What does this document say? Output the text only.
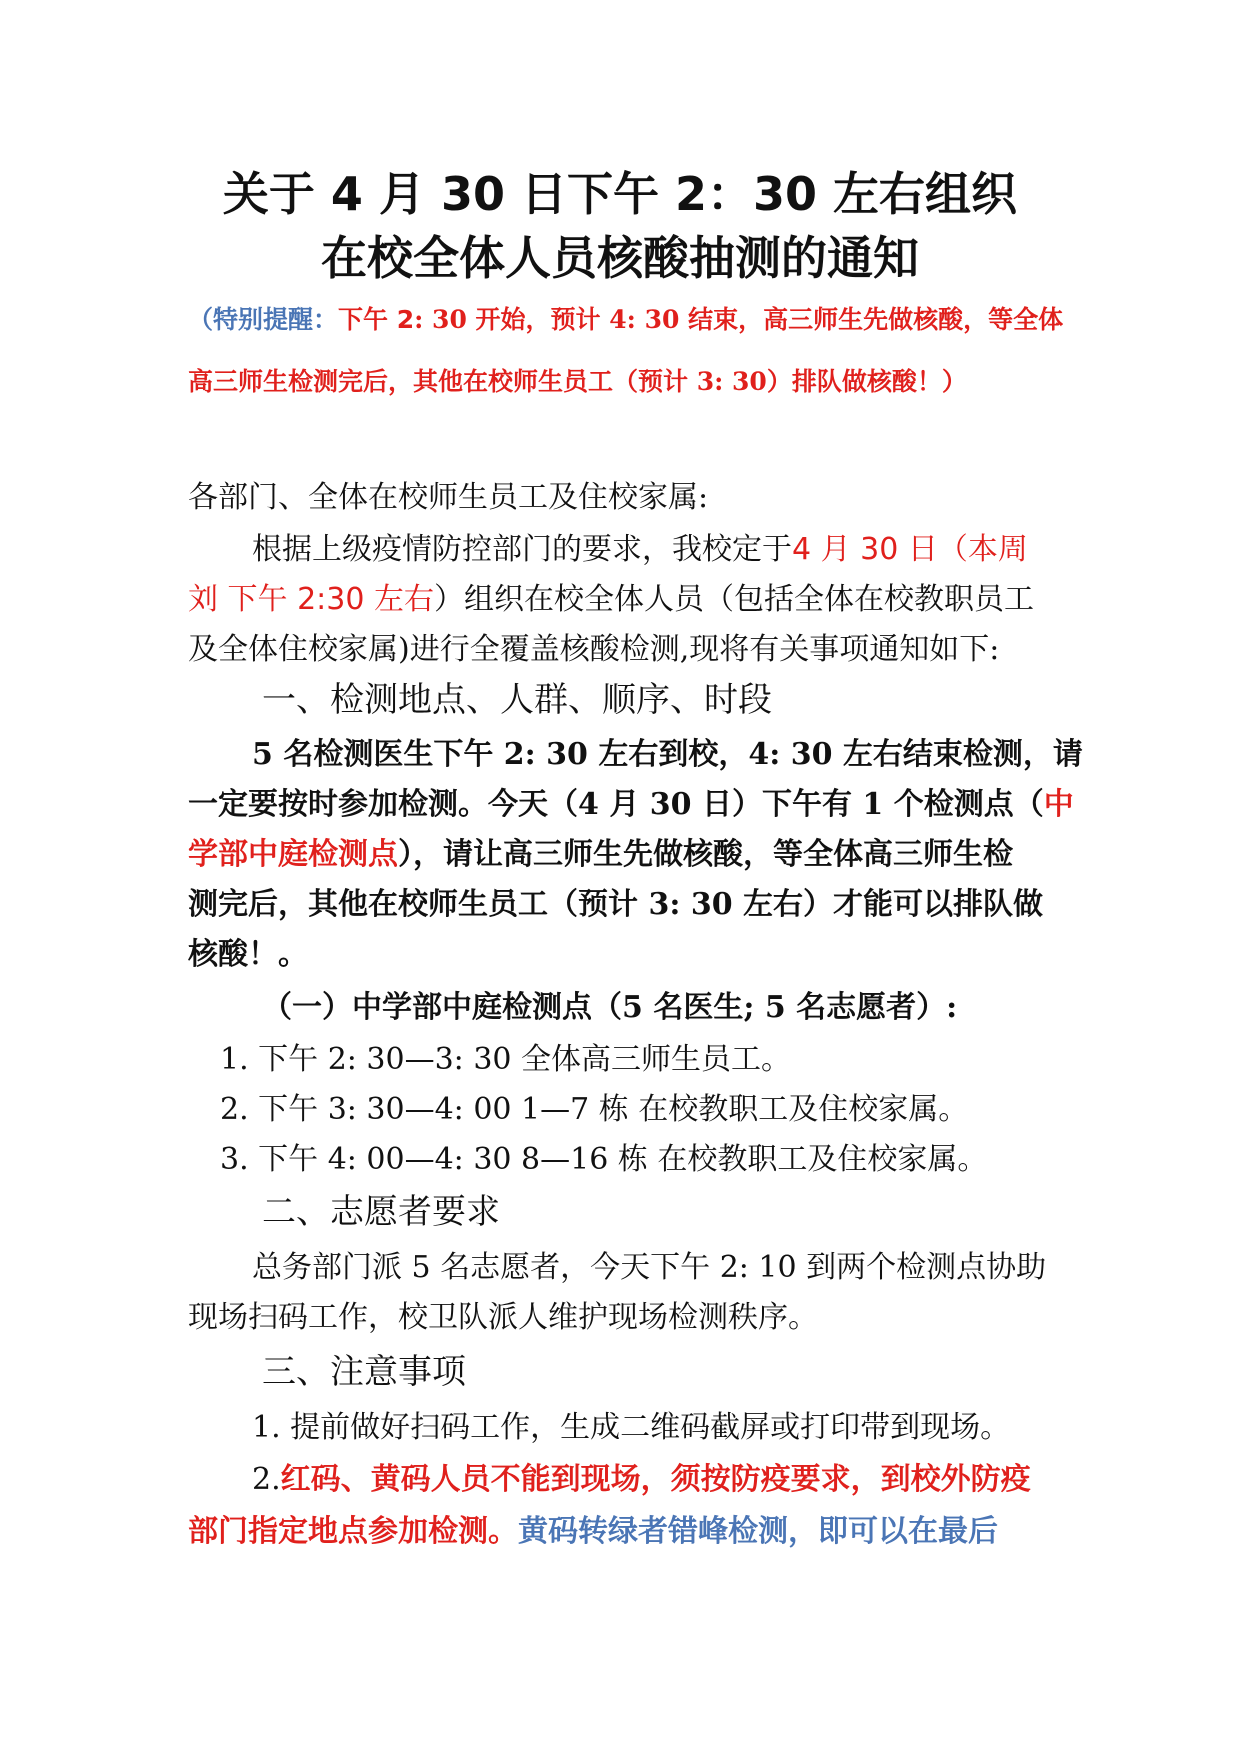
关于 4 月 30 日下午 2：30 左右组织
在校全体人员核酸抽测的通知
（特别提醒：下午 2: 30 开始，预计 4: 30 结束，高三师生先做核酸，等全体
高三师生检测完后，其他在校师生员工（预计 3: 30）排队做核酸！）
各部门、全体在校师生员工及住校家属:
根据上级疫情防控部门的要求，我校定于4 月 30 日（本周
刘 下午 2:30 左右）组织在校全体人员（包括全体在校教职员工
及全体住校家属)进行全覆盖核酸检测,现将有关事项通知如下:
一、检测地点、人群、顺序、时段
5 名检测医生下午 2: 30 左右到校，4: 30 左右结束检测，请
一定要按时参加检测。今天（4 月 30 日）下午有 1 个检测点（中
学部中庭检测点），请让高三师生先做核酸，等全体高三师生检
测完后，其他在校师生员工（预计 3: 30 左右）才能可以排队做
核酸！。
（一）中学部中庭检测点（5 名医生; 5 名志愿者）:
1. 下午 2: 30—3: 30 全体高三师生员工。
2. 下午 3: 30—4: 00 1—7 栋 在校教职工及住校家属。
3. 下午 4: 00—4: 30 8—16 栋 在校教职工及住校家属。
二、志愿者要求
总务部门派 5 名志愿者，今天下午 2: 10 到两个检测点协助
现场扫码工作，校卫队派人维护现场检测秩序。
三、注意事项
1. 提前做好扫码工作，生成二维码截屏或打印带到现场。
2.红码、黄码人员不能到现场，须按防疫要求，到校外防疫
部门指定地点参加检测。黄码转绿者错峰检测，即可以在最后
